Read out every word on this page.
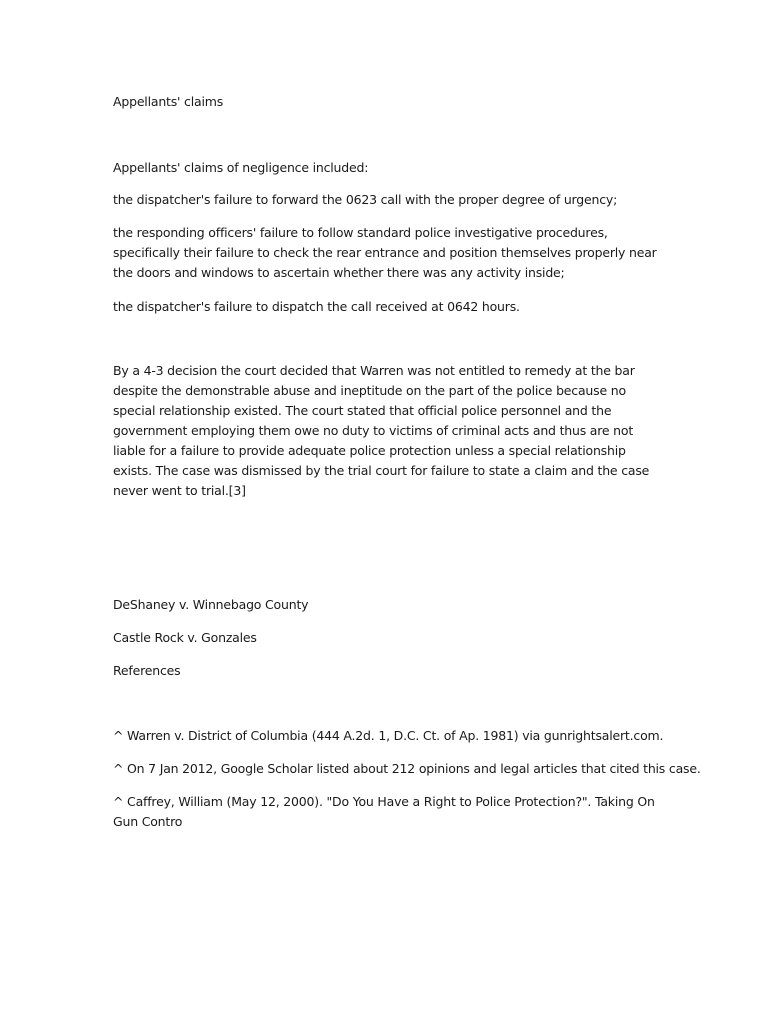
Appellants' claims

Appellants' claims of negligence included:

the dispatcher's failure to forward the 0623 call with the proper degree of urgency;

the responding officers' failure to follow standard police investigative procedures, specifically their failure to check the rear entrance and position themselves properly near the doors and windows to ascertain whether there was any activity inside;

the dispatcher's failure to dispatch the call received at 0642 hours.

By a 4-3 decision the court decided that Warren was not entitled to remedy at the bar despite the demonstrable abuse and ineptitude on the part of the police because no special relationship existed. The court stated that official police personnel and the government employing them owe no duty to victims of criminal acts and thus are not liable for a failure to provide adequate police protection unless a special relationship exists. The case was dismissed by the trial court for failure to state a claim and the case never went to trial.[3]

DeShaney v. Winnebago County

Castle Rock v. Gonzales

References

^ Warren v. District of Columbia (444 A.2d. 1, D.C. Ct. of Ap. 1981) via gunrightsalert.com.

^ On 7 Jan 2012, Google Scholar listed about 212 opinions and legal articles that cited this case.

^ Caffrey, William (May 12, 2000). "Do You Have a Right to Police Protection?". Taking On Gun Contro
